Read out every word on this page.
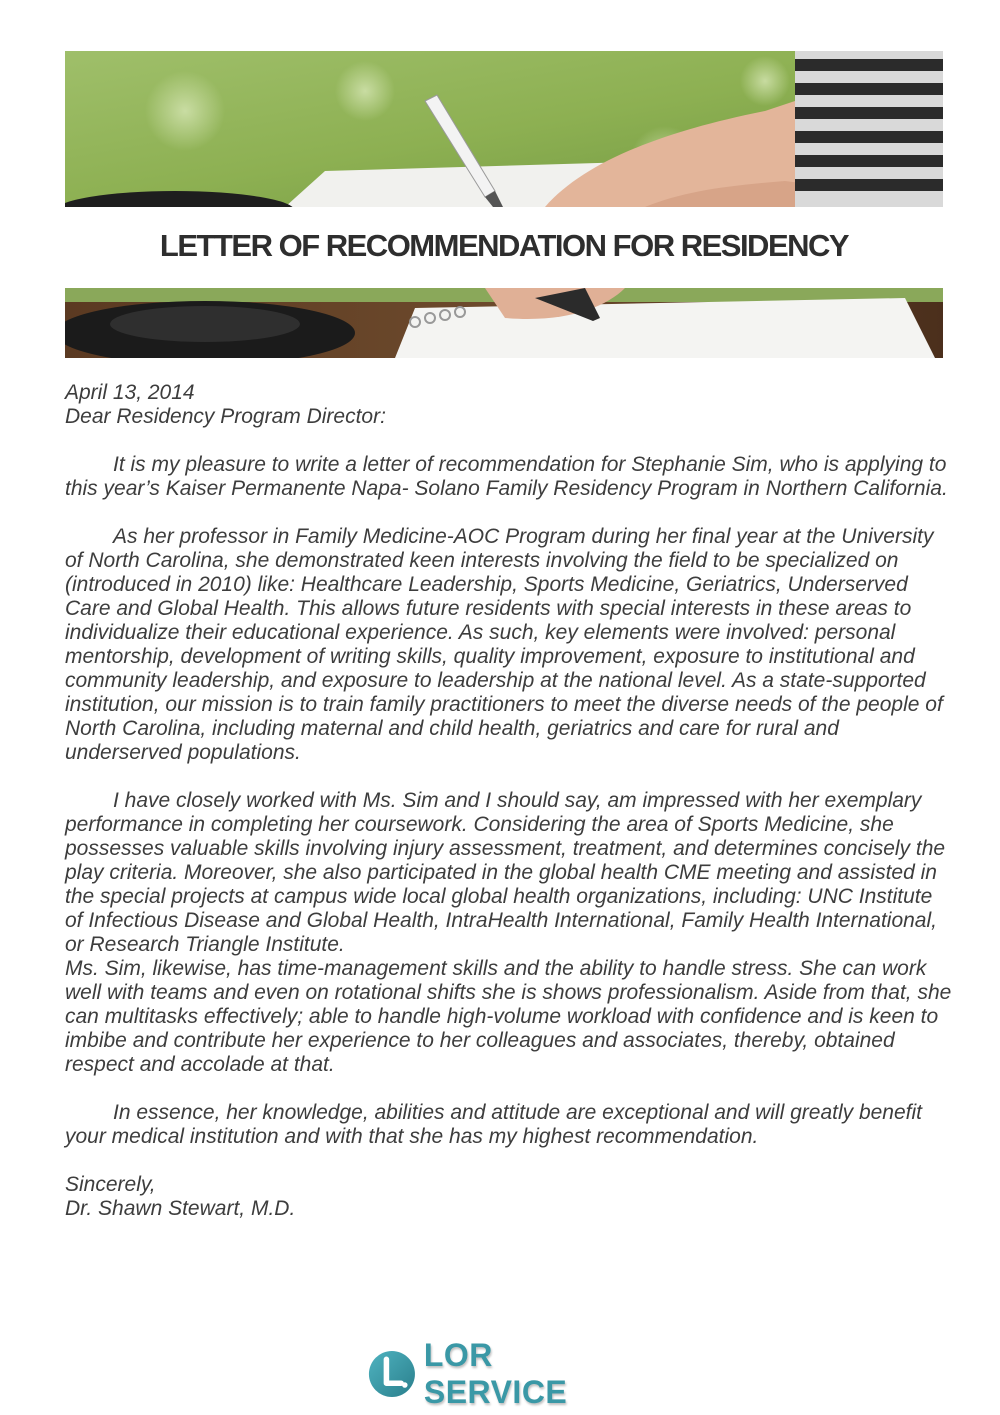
LETTER OF RECOMMENDATION FOR RESIDENCY

April 13, 2014

Dear Residency Program Director:

It is my pleasure to write a letter of recommendation for Stephanie Sim, who is applying to this year’s Kaiser Permanente Napa- Solano Family Residency Program in Northern California.

As her professor in Family Medicine-AOC Program during her final year at the University of North Carolina, she demonstrated keen interests involving the field to be specialized on (introduced in 2010) like: Healthcare Leadership, Sports Medicine, Geriatrics, Underserved Care and Global Health. This allows future residents with special interests in these areas to individualize their educational experience. As such, key elements were involved: personal mentorship, development of writing skills, quality improvement, exposure to institutional and community leadership, and exposure to leadership at the national level. As a state-supported institution, our mission is to train family practitioners to meet the diverse needs of the people of North Carolina, including maternal and child health, geriatrics and care for rural and underserved populations.

I have closely worked with Ms. Sim and I should say, am impressed with her exemplary performance in completing her coursework. Considering the area of Sports Medicine, she possesses valuable skills involving injury assessment, treatment, and determines concisely the play criteria. Moreover, she also participated in the global health CME meeting and assisted in the special projects at campus wide local global health organizations, including: UNC Institute of Infectious Disease and Global Health, IntraHealth International, Family Health International, or Research Triangle Institute.

Ms. Sim, likewise, has time-management skills and the ability to handle stress. She can work well with teams and even on rotational shifts she is shows professionalism. Aside from that, she can multitasks effectively; able to handle high-volume workload with confidence and is keen to imbibe and contribute her experience to her colleagues and associates, thereby, obtained respect and accolade at that.

In essence, her knowledge, abilities and attitude are exceptional and will greatly benefit your medical institution and with that she has my highest recommendation.

Sincerely,

Dr. Shawn Stewart, M.D.

LOR SERVICE
